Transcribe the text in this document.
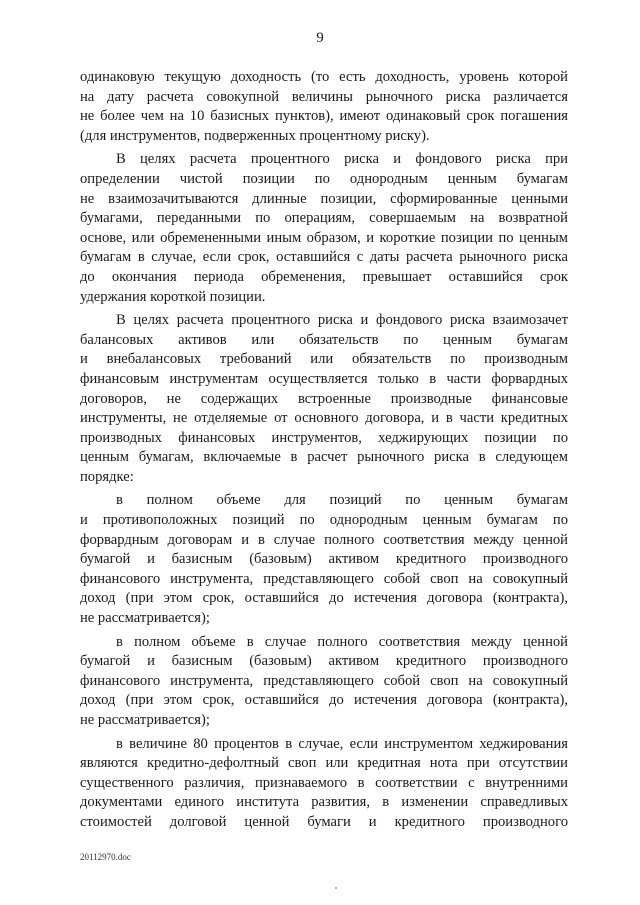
9
одинаковую текущую доходность (то есть доходность, уровень которой
на дату расчета совокупной величины рыночного риска различается
не более чем на 10 базисных пунктов), имеют одинаковый срок погашения
(для инструментов, подверженных процентному риску).
В целях расчета процентного риска и фондового риска при
определении чистой позиции по однородным ценным бумагам
не взаимозачитываются длинные позиции, сформированные ценными
бумагами, переданными по операциям, совершаемым на возвратной
основе, или обремененными иным образом, и короткие позиции по ценным
бумагам в случае, если срок, оставшийся с даты расчета рыночного риска
до окончания периода обременения, превышает оставшийся срок
удержания короткой позиции.
В целях расчета процентного риска и фондового риска взаимозачет
балансовых активов или обязательств по ценным бумагам
и внебалансовых требований или обязательств по производным
финансовым инструментам осуществляется только в части форвардных
договоров, не содержащих встроенные производные финансовые
инструменты, не отделяемые от основного договора, и в части кредитных
производных финансовых инструментов, хеджирующих позиции по
ценным бумагам, включаемые в расчет рыночного риска в следующем
порядке:
в полном объеме для позиций по ценным бумагам
и противоположных позиций по однородным ценным бумагам по
форвардным договорам и в случае полного соответствия между ценной
бумагой и базисным (базовым) активом кредитного производного
финансового инструмента, представляющего собой своп на совокупный
доход (при этом срок, оставшийся до истечения договора (контракта),
не рассматривается);
в полном объеме в случае полного соответствия между ценной
бумагой и базисным (базовым) активом кредитного производного
финансового инструмента, представляющего собой своп на совокупный
доход (при этом срок, оставшийся до истечения договора (контракта),
не рассматривается);
в величине 80 процентов в случае, если инструментом хеджирования
являются кредитно-дефолтный своп или кредитная нота при отсутствии
существенного различия, признаваемого в соответствии с внутренними
документами единого института развития, в изменении справедливых
стоимостей долговой ценной бумаги и кредитного производного
20112970.doc
